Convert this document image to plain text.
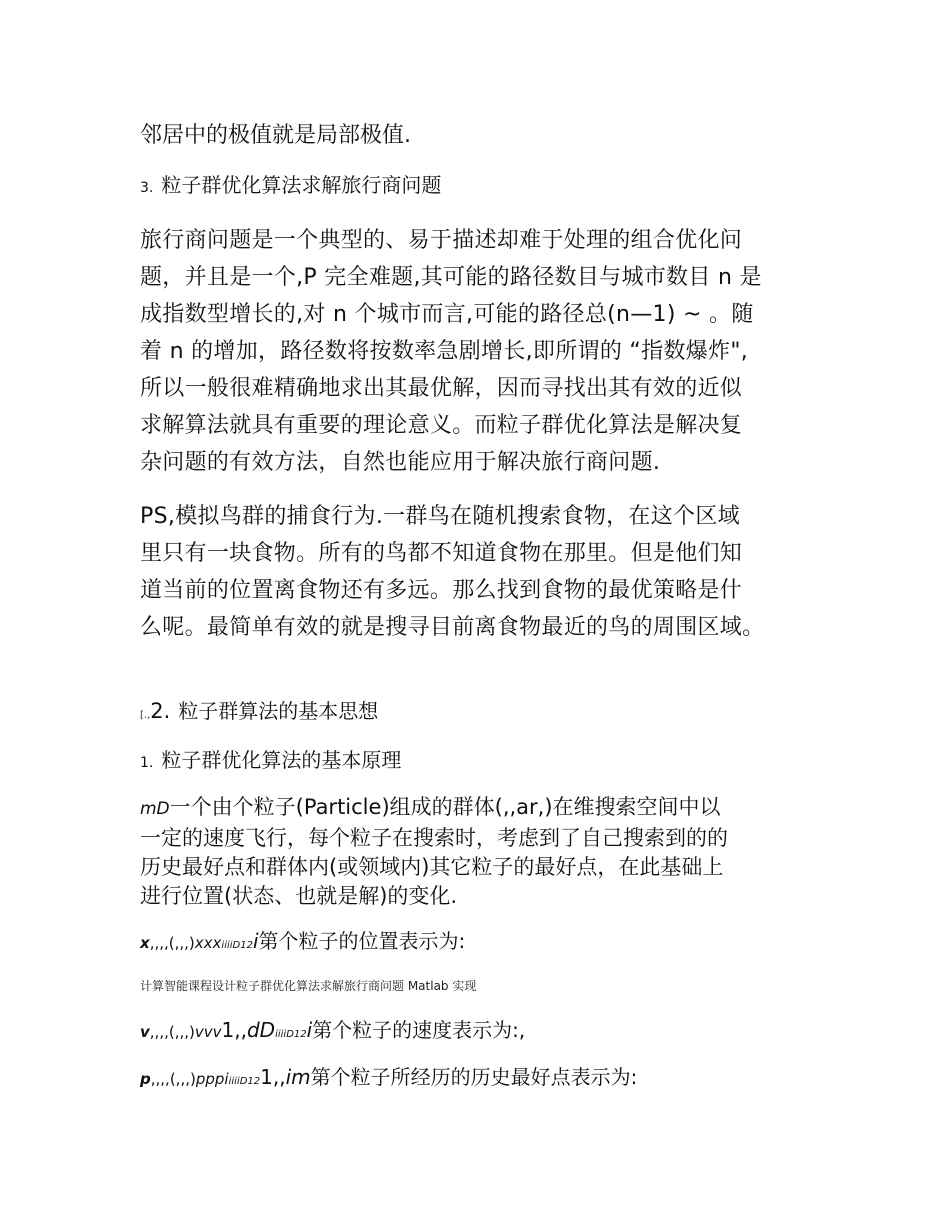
邻居中的极值就是局部极值.

3. 粒子群优化算法求解旅行商问题

旅行商问题是一个典型的、易于描述却难于处理的组合优化问
题，并且是一个,P 完全难题,其可能的路径数目与城市数目 n 是
成指数型增长的,对 n 个城市而言,可能的路径总(n—1) ~ 。随
着 n 的增加，路径数将按数率急剧增长,即所谓的 “指数爆炸",
所以一般很难精确地求出其最优解，因而寻找出其有效的近似
求解算法就具有重要的理论意义。而粒子群优化算法是解决复
杂问题的有效方法，自然也能应用于解决旅行商问题.
PS,模拟鸟群的捕食行为.一群鸟在随机搜索食物，在这个区域
里只有一块食物。所有的鸟都不知道食物在那里。但是他们知
道当前的位置离食物还有多远。那么找到食物的最优策略是什
么呢。最简单有效的就是搜寻目前离食物最近的鸟的周围区域。

[.,2. 粒子群算法的基本思想

1. 粒子群优化算法的基本原理

mD一个由个粒子(Particle)组成的群体(,,ar,)在维搜索空间中以
一定的速度飞行，每个粒子在搜索时，考虑到了自己搜索到的的
历史最好点和群体内(或领域内)其它粒子的最好点，在此基础上
进行位置(状态、也就是解)的变化.

x,,,,(,,,)xxxiiiiD12i第个粒子的位置表示为:

计算智能课程设计粒子群优化算法求解旅行商问题 Matlab 实现

v,,,,(,,,)vvv1,,dDiiiiD12i第个粒子的速度表示为:,

p,,,,(,,,)pppiiiiiD121,,im第个粒子所经历的历史最好点表示为:
